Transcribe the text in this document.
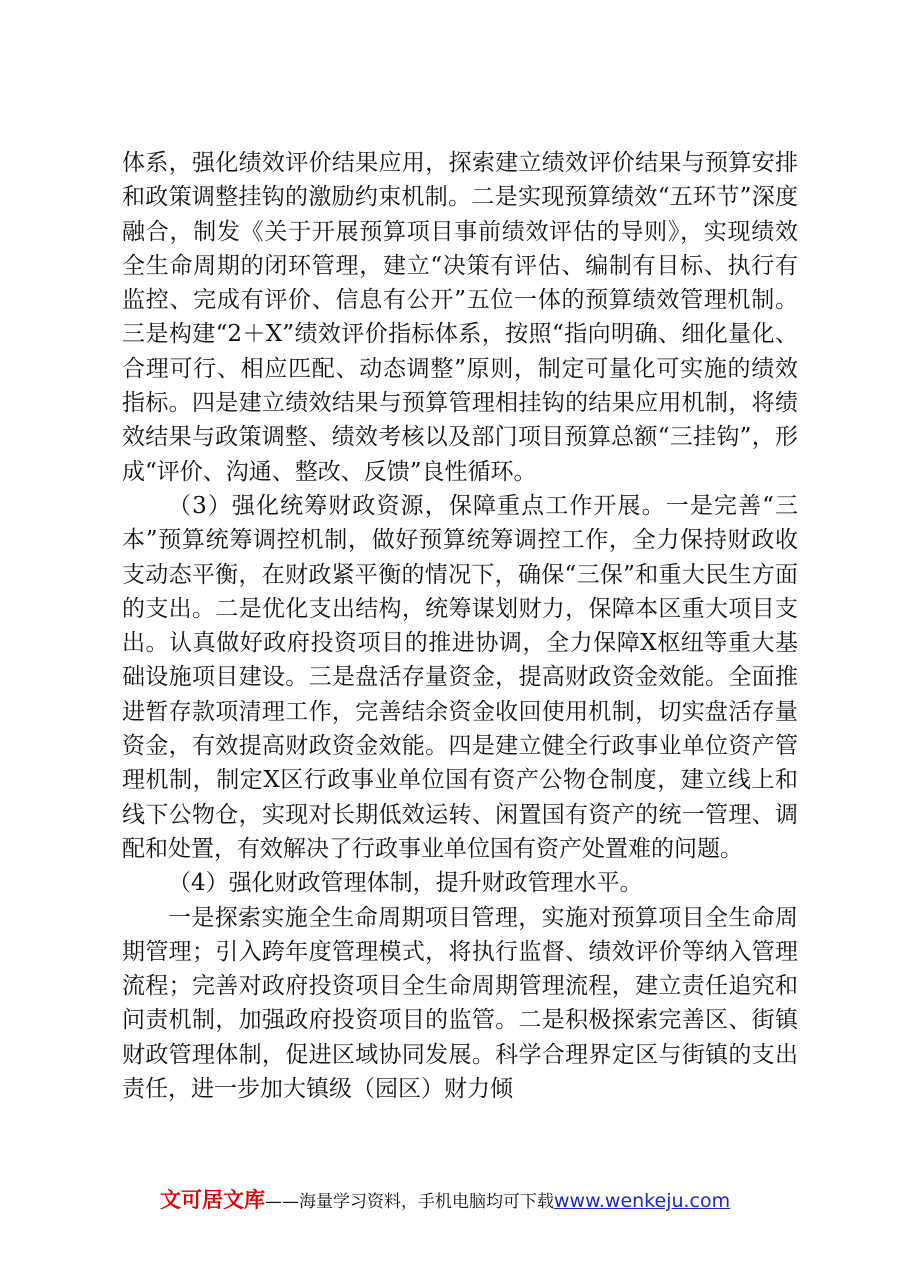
体系，强化绩效评价结果应用，探索建立绩效评价结果与预算安排和政策调整挂钩的激励约束机制。二是实现预算绩效“五环节”深度融合，制发《关于开展预算项目事前绩效评估的导则》，实现绩效全生命周期的闭环管理，建立“决策有评估、编制有目标、执行有监控、完成有评价、信息有公开”五位一体的预算绩效管理机制。三是构建“2＋X”绩效评价指标体系，按照“指向明确、细化量化、合理可行、相应匹配、动态调整”原则，制定可量化可实施的绩效指标。四是建立绩效结果与预算管理相挂钩的结果应用机制，将绩效结果与政策调整、绩效考核以及部门项目预算总额“三挂钩”，形成“评价、沟通、整改、反馈”良性循环。

（3）强化统筹财政资源，保障重点工作开展。一是完善“三本”预算统筹调控机制，做好预算统筹调控工作，全力保持财政收支动态平衡，在财政紧平衡的情况下，确保“三保”和重大民生方面的支出。二是优化支出结构，统筹谋划财力，保障本区重大项目支出。认真做好政府投资项目的推进协调，全力保障X枢纽等重大基础设施项目建设。三是盘活存量资金，提高财政资金效能。全面推进暂存款项清理工作，完善结余资金收回使用机制，切实盘活存量资金，有效提高财政资金效能。四是建立健全行政事业单位资产管理机制，制定X区行政事业单位国有资产公物仓制度，建立线上和线下公物仓，实现对长期低效运转、闲置国有资产的统一管理、调配和处置，有效解决了行政事业单位国有资产处置难的问题。

（4）强化财政管理体制，提升财政管理水平。

一是探索实施全生命周期项目管理，实施对预算项目全生命周期管理；引入跨年度管理模式，将执行监督、绩效评价等纳入管理流程；完善对政府投资项目全生命周期管理流程，建立责任追究和问责机制，加强政府投资项目的监管。二是积极探索完善区、街镇财政管理体制，促进区域协同发展。科学合理界定区与街镇的支出责任，进一步加大镇级（园区）财力倾

文可居文库——海量学习资料，手机电脑均可下载www.wenkeju.com
